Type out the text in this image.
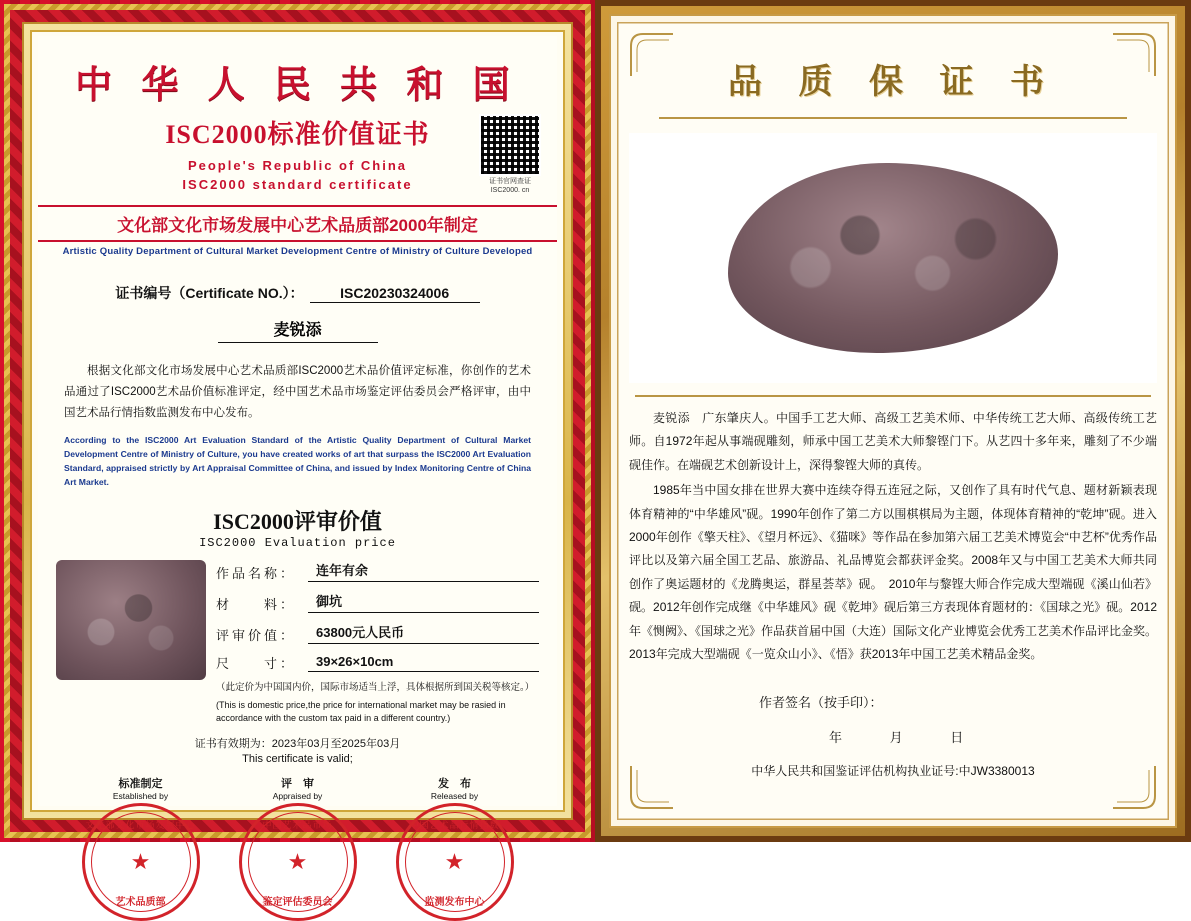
中 华 人 民 共 和 国
ISC2000标准价值证书
People's Republic of China
ISC2000 standard certificate	证书官网查证 ISC2000. cn
文化部文化市场发展中心艺术品质部2000年制定
Artistic Quality Department of Cultural Market Development Centre of Ministry of Culture Developed
证书编号（Certificate NO.）：	ISC20230324006
麦锐添
根据文化部文化市场发展中心艺术品质部ISC2000艺术品价值评定标准，你创作的艺术品通过了ISC2000艺术品价值标准评定，经中国艺术品市场鉴定评估委员会严格评审，由中国艺术品行情指数监测发布中心发布。
According to the ISC2000 Art Evaluation Standard of the Artistic Quality Department of Cultural Market Development Centre of Ministry of Culture, you have created works of art that surpass the ISC2000 Art Evaluation Standard, appraised strictly by Art Appraisal Committee of China, and issued by Index Monitoring Centre of China Art Market.
ISC2000评审价值
ISC2000 Evaluation price
作品名称：	连年有余
材　　料：	御坑
评审价值：	63800元人民币
尺　　寸：	39×26×10cm
（此定价为中国国内价，国际市场适当上浮，具体根据所到国关税等核定。）
(This is domestic price,the price for international market may be rasied in accordance with the custom tax paid in a different country.)
证书有效期为：2023年03月至2025年03月
This certificate is valid;
标准制定
Established by
文化部文化市场发展中心
★
艺术品质部
评　审
Appraised by
中国艺术品市场
★
鉴定评估委员会
发　布
Released by
中国艺术品行情指数
★
监测发布中心
品 质 保 证 书

麦锐添　广东肇庆人。中国手工艺大师、高级工艺美术师、中华传统工艺大师、高级传统工艺师。自1972年起从事端砚雕刻，师承中国工艺美术大师黎铿门下。从艺四十多年来，雕刻了不少端砚佳作。在端砚艺术创新设计上，深得黎铿大师的真传。

1985年当中国女排在世界大赛中连续夺得五连冠之际，又创作了具有时代气息、题材新颖表现体育精神的“中华雄风”砚。1990年创作了第二方以围棋棋局为主题，体现体育精神的“乾坤”砚。进入2000年创作《擎天柱》、《望月杯远》、《猫咪》等作品在参加第六届工艺美术博览会“中艺杯”优秀作品评比以及第六届全国工艺品、旅游品、礼品博览会都获评金奖。2008年又与中国工艺美术大师共同创作了奥运题材的《龙腾奥运，群星荟萃》砚。　2010年与黎铿大师合作完成大型端砚《溪山仙若》砚。2012年创作完成继《中华雄风》砚《乾坤》砚后第三方表现体育题材的：《国球之光》砚。2012年《恻阙》、《国球之光》作品获首届中国（大连）国际文化产业博览会优秀工艺美术作品评比金奖。2013年完成大型端砚《一览众山小》、《悟》获2013年中国工艺美术精品金奖。

作者签名（按手印）：
年 月 日
中华人民共和国鉴证评估机构执业证号:中JW3380013
